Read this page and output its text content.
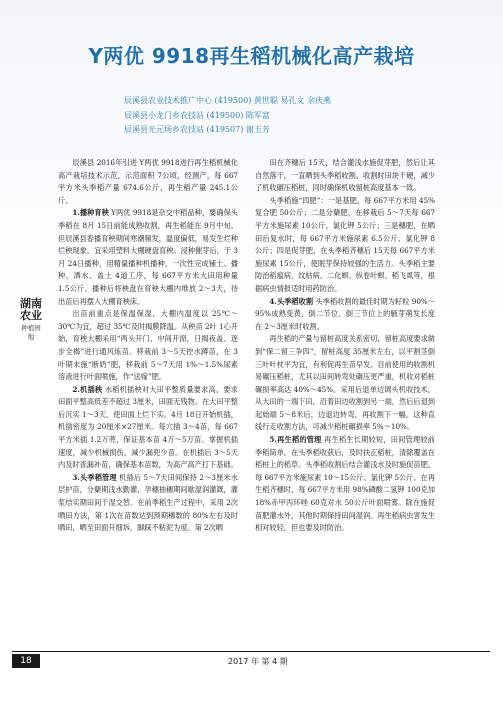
Y两优 9918再生稻机械化高产栽培
辰溪县农业技术推广中心 (419500) 黄世聪 易孔文 余庆燕
辰溪县小龙门乡农技站 (419500) 陈军富
辰溪县光元场乡农技站 (419507) 谢玉芳
湖南农业
种植园地

辰溪县 2016年引进 Y两优 9918进行再生稻机械化高产栽培技术示范，示范面积 7公顷，经测产，每 667平方米头季稻产量 674.6公斤、再生稻产量 245.1公斤。

1.播种育秧 Y两优 9918是杂交中稻品种，要确保头季稻在 8月 15日前能成熟收割，再生稻能在 9月中旬。但辰溪县春播育秧期间寒潮频发，温度偏低，易发生烂种烂秧现象，宜采用塑料大棚硬盘育秧。浸种催芽后，于 3月 24日播种，用精量播种机播种，一次性完成铺土、播种、洒水、盖土 4道工序，每 667平方米大田用种量 1.5公斤。播种后将秧盘在育秧大棚内堆放 2～3天，待出苗后再摆入大棚育秧床。

出苗前重点是保温保湿，大棚内温度以 25℃～30℃为宜，超过 35℃及时揭膜降温。从秧苗 2叶 1心开始，育秧大棚采用“两头开门、中间开窗，日揭夜盖、逐步全揭”进行通风炼苗。移栽前 3～5天控水蹲苗，在 3叶期末施“断奶”肥，移栽前 5～7天用 1%～1.5%尿素溶液进行叶面喷施，作“送嫁”肥。

2.机插秧 水稻机插秧对大田平整质量要求高，要求田面平整高低差不超过 3厘米，田面无残物。在大田平整后沉实 1～3天，使田面上烂下实。4月 18日开始机插，机插密度为 20厘米×27厘米。每穴插 3～4苗，每 667平方米插 1.2万蔸，保证基本苗 4万～5万苗。掌握机插速度，减少机械损伤，减少漏兜少苗。在机插后 3～5天内及时查漏补苗，确保基本苗数，为高产高产打下基础。

3.头季稻管理 机插后 5～7天田间保持 2～3厘米水层护苗，分蘖期浅水勤灌，孕穗抽穗期间歇湿润灌溉，灌浆结实期田间干湿交替。在前季稻生产过程中，采用 2次晒田方法，第 1次在苗数达到预期穗数的 80%左右及时晒田，晒至田面开细坼，脚踩不粘泥为度。第 2次晒

田在齐穗后 15天，结合灌浅水施促芽肥，然后让其自然落干，一直晒到头季稻收割。收割时田块干硬，减少了机收碾压稻桩，同时确保机收留桩高度基本一致。

头季稻施“四肥”：一是基肥，每 667平方米用 45%复合肥 50公斤；二是分蘖肥，在移栽后 5～7天每 667平方米施尿素 10公斤、氯化钾 5公斤；三是穗肥，在晒田后复水时，每 667平方米施尿素 6.5公斤、氯化钾 8公斤；四是促芽肥，在头季稻齐穗后 15天每 667平方米施尿素 15公斤，使眠芽保持较强的生活力。头季稻主要防治稻瘟病、纹枯病、二化螟、纵卷叶螟、稻飞虱等，根据病虫情报适时用药防治。

4.头季稻收割 头季稻收割的最佳时期为籽粒 90%～95%成熟变黄，倒二节位、倒三节位上的腋芽萌发长度在 2～3厘米时收割。

再生稻的产量与留桩高度关系密切，留桩高度要求做到“保二留三争四”，留桩高度 35厘米左右，以平割茎倒三叶叶枕平为宜，有利促再生苗早发。目前使用的收割机易碾压稻桩，尤其以田间转弯处碾压更严重，机收对稻桩碾损率高达 40%～45%。采用后退单边调头机收技术，从大田的一端下田，沿着田边收割到另一端，然后后退到起始端 5～8米后，边退边转弯，再收割下一幅。这种直线行走收割方法，可减少稻桩碾损率 5%～10%。

5.再生稻的管理 再生稻生长期较短，田间管理较前季稻简单。在头季稻收获后，及时扶正稻桩，清除覆盖在稻桩上的稻草。头季稻收割后结合灌浅水及时施促苗肥，每 667平方米施尿素 10～15公斤、氯化钾 5公斤。在再生稻齐穗时，每 667平方米用 98%磷酸二氢钾 100克加 18%赤甲丙环唑 60克对水 50公斤叶面喷雾。除在施促苗肥灌水外，其他时期保持田间湿润。再生稻病虫害发生相对较轻，但也要及时防治。

18	2017 年 第 4 期
